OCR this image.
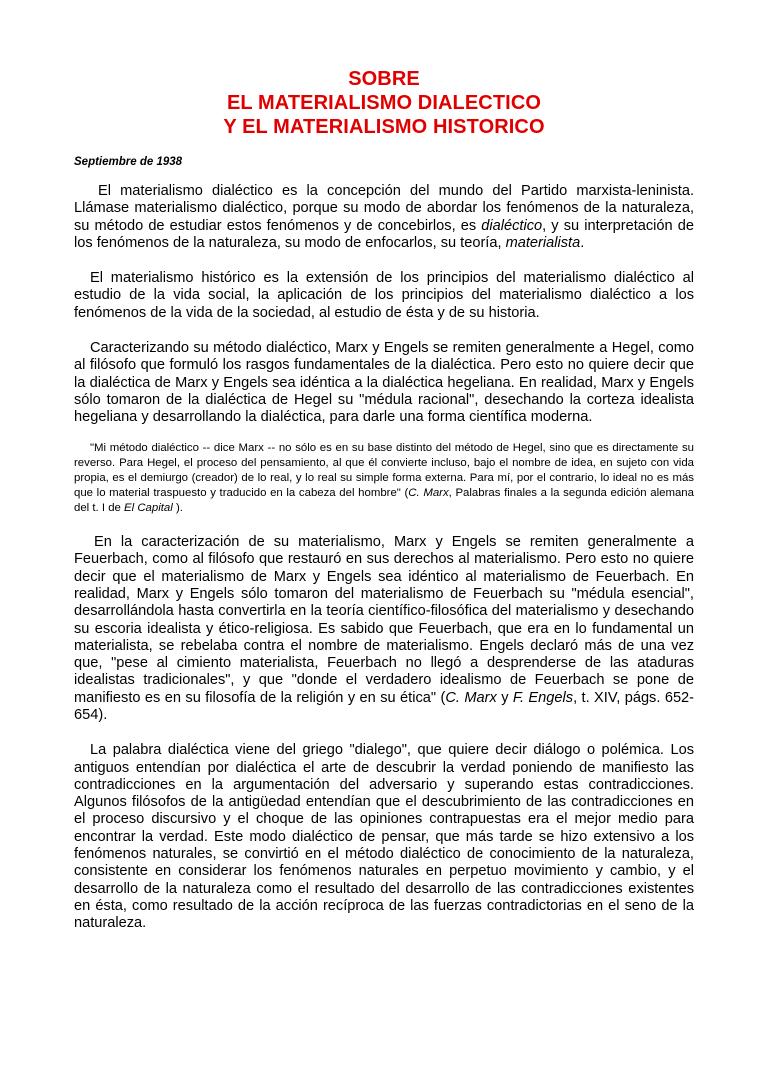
SOBRE
EL MATERIALISMO DIALECTICO
Y EL MATERIALISMO HISTORICO

Septiembre de 1938

El materialismo dialéctico es la concepción del mundo del Partido marxista-leninista. Llámase materialismo dialéctico, porque su modo de abordar los fenómenos de la naturaleza, su método de estudiar estos fenómenos y de concebirlos, es dialéctico, y su interpretación de los fenómenos de la naturaleza, su modo de enfocarlos, su teoría, materialista.

El materialismo histórico es la extensión de los principios del materialismo dialéctico al estudio de la vida social, la aplicación de los principios del materialismo dialéctico a los fenómenos de la vida de la sociedad, al estudio de ésta y de su historia.

Caracterizando su método dialéctico, Marx y Engels se remiten generalmente a Hegel, como al filósofo que formuló los rasgos fundamentales de la dialéctica. Pero esto no quiere decir que la dialéctica de Marx y Engels sea idéntica a la dialéctica hegeliana. En realidad, Marx y Engels sólo tomaron de la dialéctica de Hegel su "médula racional", desechando la corteza idealista hegeliana y desarrollando la dialéctica, para darle una forma científica moderna.

"Mi método dialéctico -- dice Marx -- no sólo es en su base distinto del método de Hegel, sino que es directamente su reverso. Para Hegel, el proceso del pensamiento, al que él convierte incluso, bajo el nombre de idea, en sujeto con vida propia, es el demiurgo (creador) de lo real, y lo real su simple forma externa. Para mí, por el contrario, lo ideal no es más que lo material traspuesto y traducido en la cabeza del hombre" (C. Marx, Palabras finales a la segunda edición alemana del t. I de El Capital ).

En la caracterización de su materialismo, Marx y Engels se remiten generalmente a Feuerbach, como al filósofo que restauró en sus derechos al materialismo. Pero esto no quiere decir que el materialismo de Marx y Engels sea idéntico al materialismo de Feuerbach. En realidad, Marx y Engels sólo tomaron del materialismo de Feuerbach su "médula esencial", desarrollándola hasta convertirla en la teoría científico-filosófica del materialismo y desechando su escoria idealista y ético-religiosa. Es sabido que Feuerbach, que era en lo fundamental un materialista, se rebelaba contra el nombre de materialismo. Engels declaró más de una vez que, "pese al cimiento materialista, Feuerbach no llegó a desprenderse de las ataduras idealistas tradicionales", y que "donde el verdadero idealismo de Feuerbach se pone de manifiesto es en su filosofía de la religión y en su ética" (C. Marx y F. Engels, t. XIV, págs. 652-654).

La palabra dialéctica viene del griego "dialego", que quiere decir diálogo o polémica. Los antiguos entendían por dialéctica el arte de descubrir la verdad poniendo de manifiesto las contradicciones en la argumentación del adversario y superando estas contradicciones. Algunos filósofos de la antigüedad entendían que el descubrimiento de las contradicciones en el proceso discursivo y el choque de las opiniones contrapuestas era el mejor medio para encontrar la verdad. Este modo dialéctico de pensar, que más tarde se hizo extensivo a los fenómenos naturales, se convirtió en el método dialéctico de conocimiento de la naturaleza, consistente en considerar los fenómenos naturales en perpetuo movimiento y cambio, y el desarrollo de la naturaleza como el resultado del desarrollo de las contradicciones existentes en ésta, como resultado de la acción recíproca de las fuerzas contradictorias en el seno de la naturaleza.
